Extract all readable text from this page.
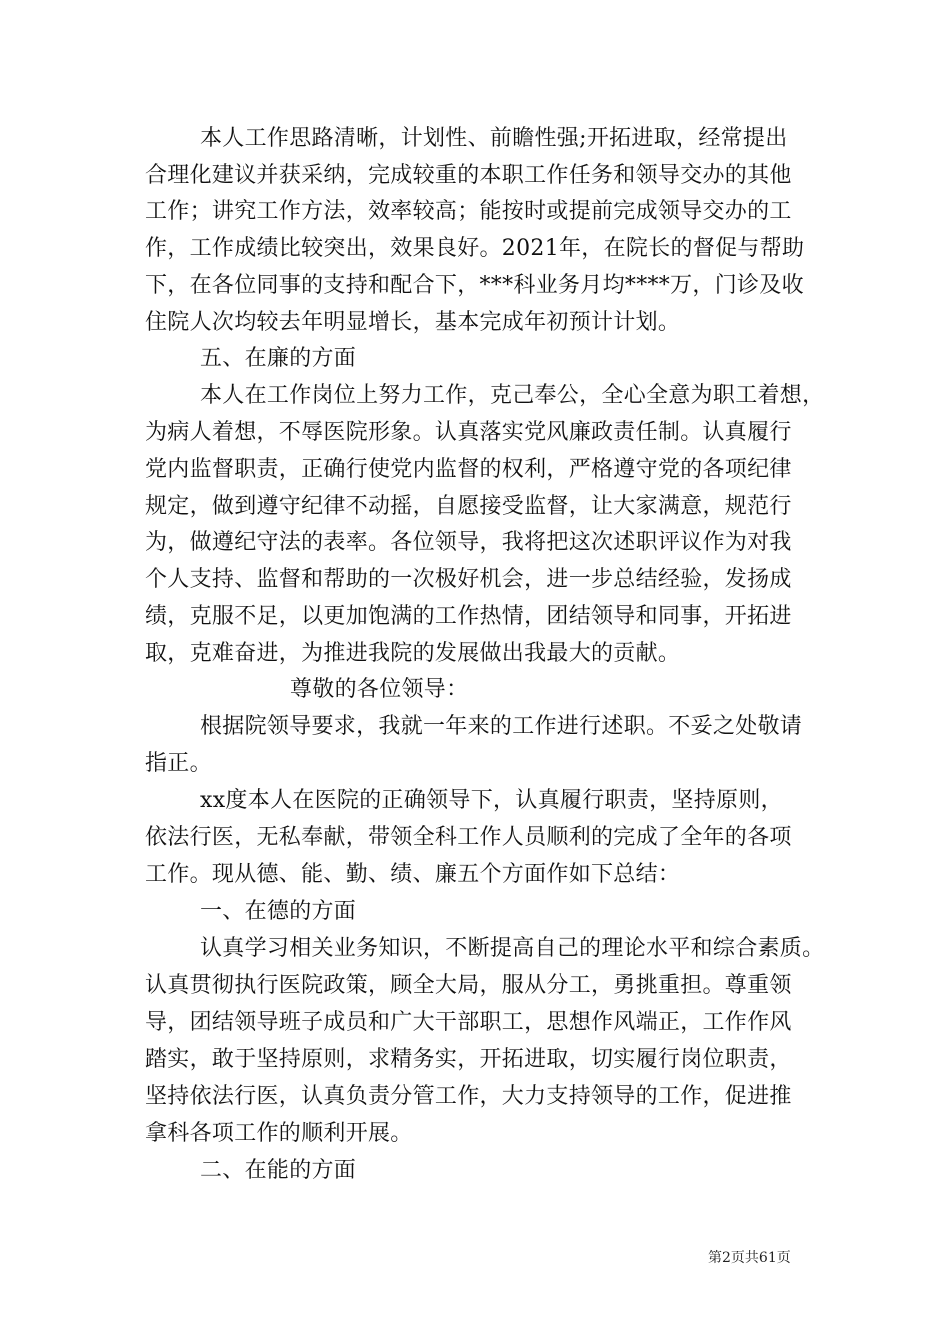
本人工作思路清晰，计划性、前瞻性强;开拓进取，经常提出
合理化建议并获采纳，完成较重的本职工作任务和领导交办的其他
工作；讲究工作方法，效率较高；能按时或提前完成领导交办的工
作，工作成绩比较突出，效果良好。2021年，在院长的督促与帮助
下，在各位同事的支持和配合下，***科业务月均****万，门诊及收
住院人次均较去年明显增长，基本完成年初预计计划。
五、在廉的方面
本人在工作岗位上努力工作，克己奉公，全心全意为职工着想，
为病人着想，不辱医院形象。认真落实党风廉政责任制。认真履行
党内监督职责，正确行使党内监督的权利，严格遵守党的各项纪律
规定，做到遵守纪律不动摇，自愿接受监督，让大家满意，规范行
为，做遵纪守法的表率。各位领导，我将把这次述职评议作为对我
个人支持、监督和帮助的一次极好机会，进一步总结经验，发扬成
绩，克服不足，以更加饱满的工作热情，团结领导和同事，开拓进
取，克难奋进，为推进我院的发展做出我最大的贡献。
尊敬的各位领导：
根据院领导要求，我就一年来的工作进行述职。不妥之处敬请
指正。
xx度本人在医院的正确领导下，认真履行职责，坚持原则，
依法行医，无私奉献，带领全科工作人员顺利的完成了全年的各项
工作。现从德、能、勤、绩、廉五个方面作如下总结：
一、在德的方面
认真学习相关业务知识，不断提高自己的理论水平和综合素质。
认真贯彻执行医院政策，顾全大局，服从分工，勇挑重担。尊重领
导，团结领导班子成员和广大干部职工，思想作风端正，工作作风
踏实，敢于坚持原则，求精务实，开拓进取，切实履行岗位职责，
坚持依法行医，认真负责分管工作，大力支持领导的工作，促进推
拿科各项工作的顺利开展。
二、在能的方面
第2页共61页
